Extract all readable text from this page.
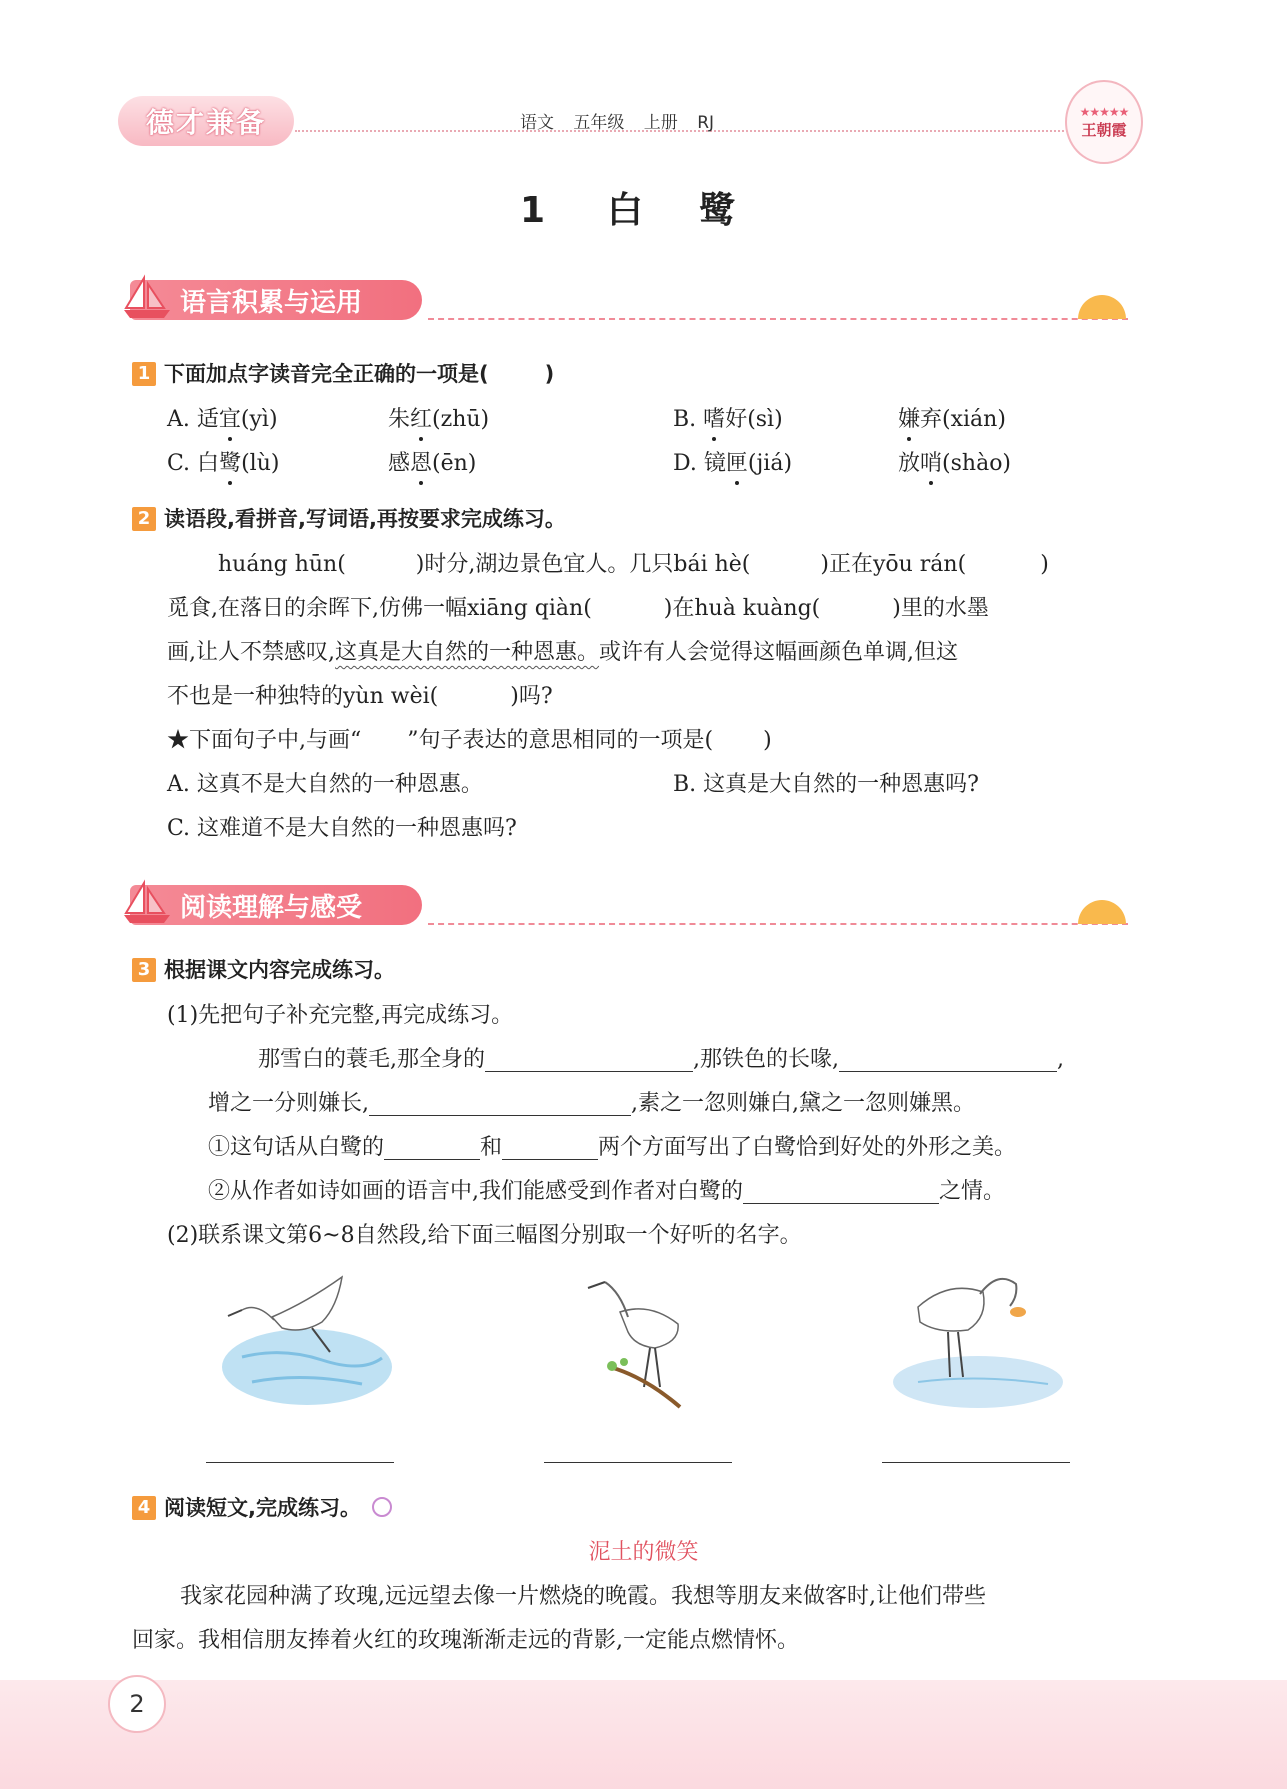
德才兼备	语文 五年级 上册 RJ
★★★★★
王朝霞
1 白 鹭
语言积累与运用
1 下面加点字读音完全正确的一项是(	)
A. 适宜(yì)	朱红(zhū)	B. 嗜好(sì)	嫌弃(xián)
C. 白鹭(lù)	感恩(ēn)	D. 镜匣(jiá)	放哨(shào)
2 读语段,看拼音,写词语,再按要求完成练习。
huáng hūn(	)时分,湖边景色宜人。几只bái hè(	)正在yōu rán(	)
觅食,在落日的余晖下,仿佛一幅xiāng qiàn(	)在huà kuàng(	)里的水墨
画,让人不禁感叹,这真是大自然的一种恩惠。或许有人会觉得这幅画颜色单调,但这
不也是一种独特的yùn wèi(	)吗?
★下面句子中,与画“ ”句子表达的意思相同的一项是( )
A. 这真不是大自然的一种恩惠。	B. 这真是大自然的一种恩惠吗?
C. 这难道不是大自然的一种恩惠吗?
阅读理解与感受
3 根据课文内容完成练习。
(1)先把句子补充完整,再完成练习。
那雪白的蓑毛,那全身的	,那铁色的长喙,	,
增之一分则嫌长,	,素之一忽则嫌白,黛之一忽则嫌黑。
①这句话从白鹭的	和	两个方面写出了白鹭恰到好处的外形之美。
②从作者如诗如画的语言中,我们能感受到作者对白鹭的	之情。
(2)联系课文第6~8自然段,给下面三幅图分别取一个好听的名字。
4 阅读短文,完成练习。
泥土的微笑
我家花园种满了玫瑰,远远望去像一片燃烧的晚霞。我想等朋友来做客时,让他们带些
回家。我相信朋友捧着火红的玫瑰渐渐走远的背影,一定能点燃情怀。
2
